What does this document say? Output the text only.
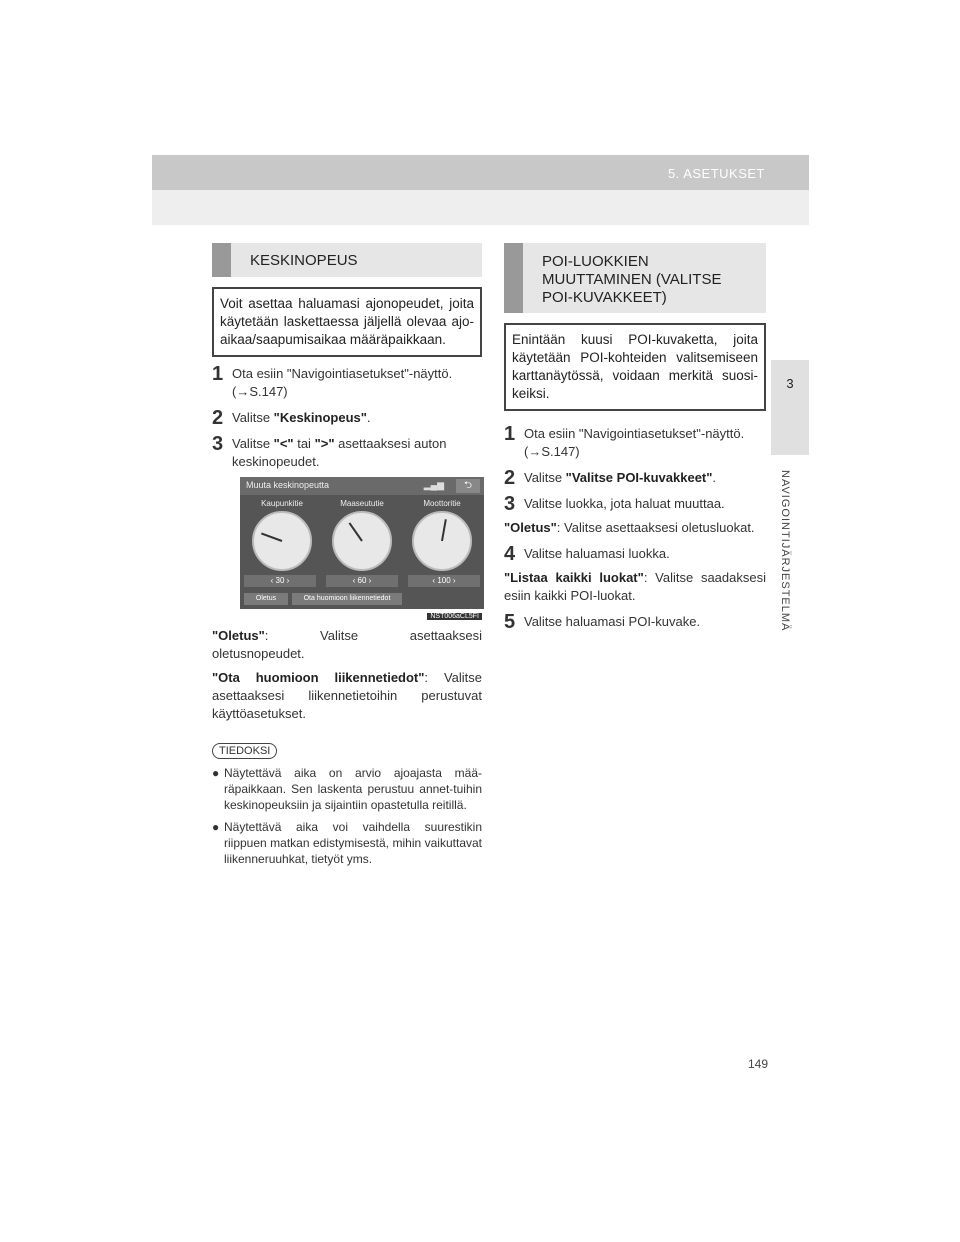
5. ASETUKSET
3
NAVIGOINTIJÄRJESTELMÄ
KESKINOPEUS
Voit asettaa haluamasi ajonopeudet, joita käytetään laskettaessa jäljellä olevaa ajo-aikaa/saapumisaikaa määräpaikkaan.
1 Ota esiin "Navigointiasetukset"-näyttö. (→S.147)
2 Valitse "Keskinopeus".
3 Valitse "<" tai ">" asettaaksesi auton keskinopeudet.
Muuta keskinopeutta	▂▄▆	⮌
Kaupunkitie	Maaseututie	Moottoritie
‹ 30 ›	‹ 60 ›	‹ 100 ›
Oletus	Ota huomioon liikennetiedot
NST006aCL5FI
"Oletus": Valitse asettaaksesi oletusnopeudet.
"Ota huomioon liikennetiedot": Valitse asettaaksesi liikennetietoihin perustuvat käyttöasetukset.
TIEDOKSI
● Näytettävä aika on arvio ajoajasta mää-räpaikkaan. Sen laskenta perustuu annet-tuihin keskinopeuksiin ja sijaintiin opastetulla reitillä.
● Näytettävä aika voi vaihdella suurestikin riippuen matkan edistymisestä, mihin vaikuttavat liikenneruuhkat, tietyöt yms.
POI-LUOKKIEN
MUUTTAMINEN (VALITSE
POI-KUVAKKEET)
Enintään kuusi POI-kuvaketta, joita käytetään POI-kohteiden valitsemiseen karttanäytössä, voidaan merkitä suosi-keiksi.
1 Ota esiin "Navigointiasetukset"-näyttö. (→S.147)
2 Valitse "Valitse POI-kuvakkeet".
3 Valitse luokka, jota haluat muuttaa.
"Oletus": Valitse asettaaksesi oletusluokat.
4 Valitse haluamasi luokka.
"Listaa kaikki luokat": Valitse saadaksesi esiin kaikki POI-luokat.
5 Valitse haluamasi POI-kuvake.
149
